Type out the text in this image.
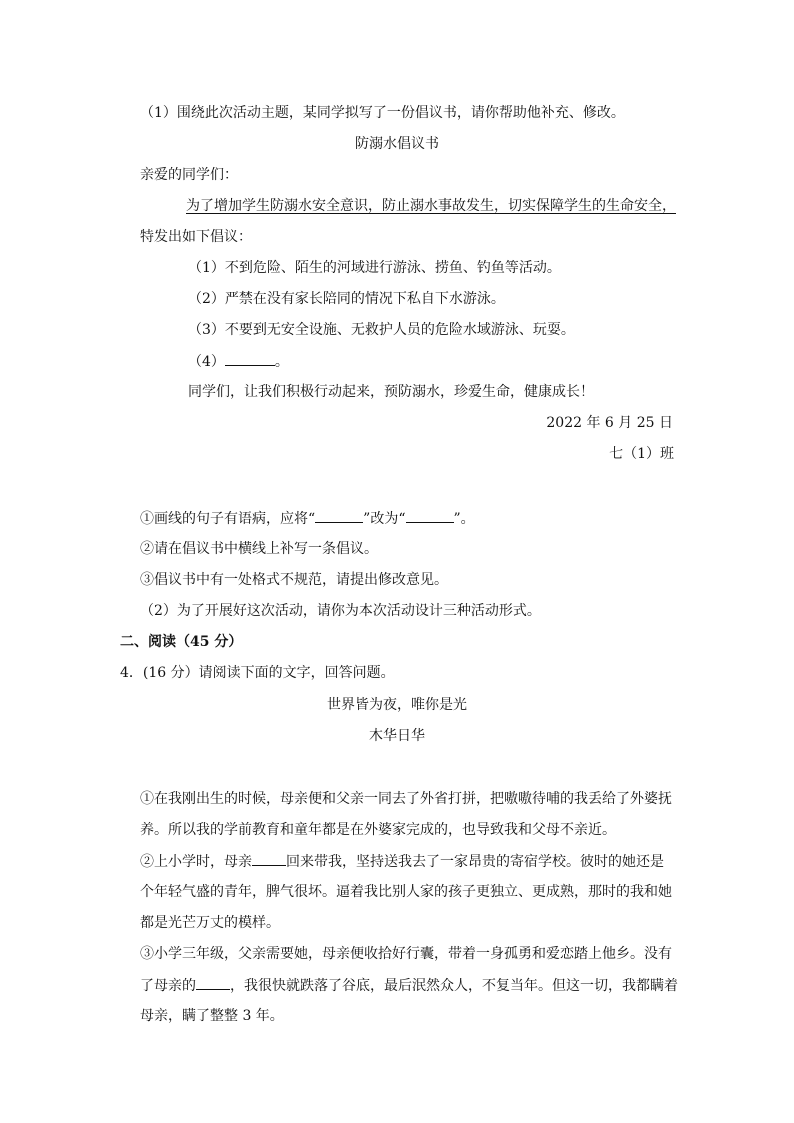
（1）围绕此次活动主题，某同学拟写了一份倡议书，请你帮助他补充、修改。
防溺水倡议书
亲爱的同学们：
为了增加学生防溺水安全意识，防止溺水事故发生，切实保障学生的生命安全，
特发出如下倡议：
（1）不到危险、陌生的河域进行游泳、捞鱼、钓鱼等活动。
（2）严禁在没有家长陪同的情况下私自下水游泳。
（3）不要到无安全设施、无救护人员的危险水域游泳、玩耍。
（4）	。
同学们，让我们积极行动起来，预防溺水，珍爱生命，健康成长！
2022 年 6 月 25 日
七（1）班
①画线的句子有语病，应将“	”改为“	”。
②请在倡议书中横线上补写一条倡议。
③倡议书中有一处格式不规范，请提出修改意见。
（2）为了开展好这次活动，请你为本次活动设计三种活动形式。
二、阅读（45 分）
4．(16 分）请阅读下面的文字，回答问题。
世界皆为夜，唯你是光
木华日华
①在我刚出生的时候，母亲便和父亲一同去了外省打拼，把嗷嗷待哺的我丢给了外婆抚
养。所以我的学前教育和童年都是在外婆家完成的，也导致我和父母不亲近。
②上小学时，母亲 回来带我，坚持送我去了一家昂贵的寄宿学校。彼时的她还是
个年轻气盛的青年，脾气很坏。逼着我比别人家的孩子更独立、更成熟，那时的我和她
都是光芒万丈的模样。
③小学三年级，父亲需要她，母亲便收拾好行囊，带着一身孤勇和爱恋踏上他乡。没有
了母亲的 ，我很快就跌落了谷底，最后泯然众人，不复当年。但这一切，我都瞒着
母亲，瞒了整整 3 年。
